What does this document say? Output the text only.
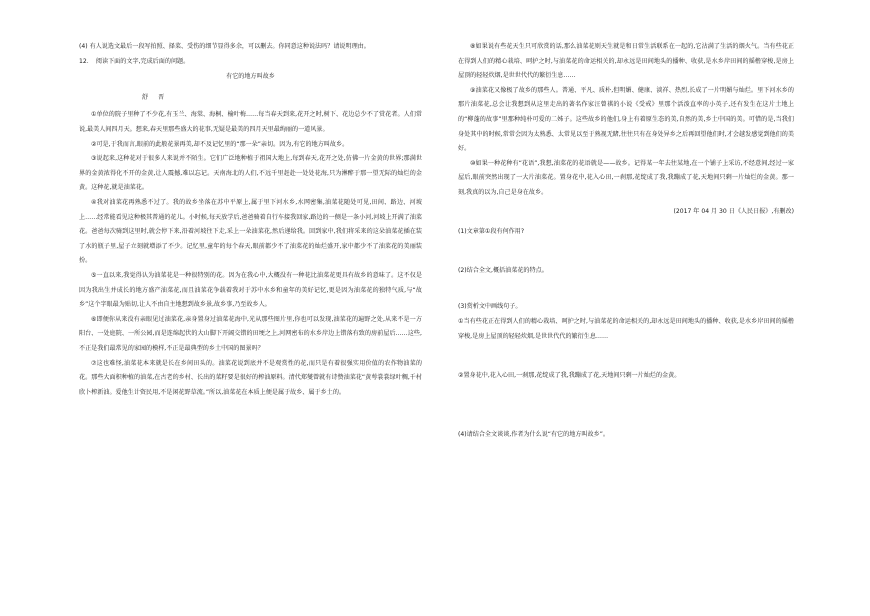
(4) 有人说选文最后一段写拍照、择菜、受伤的细节显得多余，可以删去。你同意这种说法吗？请说明理由。

12．　阅读下面的文字,完成后面的问题。

有它的地方叫故乡

舒　晋

①单位的院子里种了不少花,有玉兰、海棠、海桐、榆叶梅……每当春天到来,花开之时,树下、花边总少不了赏花者。人们常说,最美人间四月天。想来,春天里那些盛大的花事,无疑是最美的四月天里最绚丽的一道风景。

②可是,于我而言,眼前的此般花景再美,却不及记忆里的“那一朵”亲切。因为,有它的地方叫故乡。

③说起来,这种花对于很多人来说并不陌生。它们广泛地种植于祖国大地上,每到春天,花开之处,仿佛一片金黄的世界;那满世界的金黄浓得化不开的金黄,让人震撼,难以忘记。天南海北的人们,不远千里赶赴一处处花海,只为淋醉于那一望无际的灿烂的金黄。这种花,就是油菜花。

④我对油菜花再熟悉不过了。我的故乡坐落在苏中平原上,属于里下河水乡,水网密集,油菜花随处可见,田间、路边、河坡上……经常能看见这种极其普通的花儿。小时候,每天放学后,爸爸骑着自行车接我回家,路边的一侧是一条小河,河坡上开满了油菜花。爸爸每次骑到这里时,就会停下来,沿着河坡往下走,采上一朵油菜花,然后递给我。回到家中,我们将采来的这朵油菜花插在装了水的瓶子里,屋子立刻就增添了不少。记忆里,童年的每个春天,眼前都少不了油菜花的灿烂盛开,家中都少不了油菜花的美丽装扮。

⑤一直以来,我觉得认为油菜花是一种很特别的花。因为在我心中,大概没有一种花比油菜花更具有故乡的意味了。这不仅是因为我出生并成长的地方盛产油菜花,而且油菜花争载着我对于苏中水乡和童年的美好记忆,更是因为油菜花的独特气质,与“故乡”这个字眼最为贴切,让人不由自主地想到故乡景,故乡事,乃至故乡人。

⑥即便你从来没有亲眼见过油菜花,亲身置身过油菜花海中,光从那些图片里,你也可以发现,油菜花的遍野之处,从来不是一方阳台、一处庭院、一所公园,而是连绵起伏的大山脚下开阔交错的田埂之上,河网密布的水乡岸边上错落有致的房前屋后……这些,不正是我们最常见的家园的模样,不正是最典型的乡土中国的图景吗？

⑦这也难怪,油菜花本来就是长在乡间田头的。油菜花说到底并不是观赏性的花,而只是有着很强实用价值的农作物油菜的花。那些大面积种植的油菜,在古老的乡村、长出的菜籽要是很好的榨油原料。清代郑燮曾就有诗赞油菜花“黄萼裳裳绿叶稠,千村欣卜榨新油。爱他生计资民用,不是闲花野草流。”所以,油菜花在本质上便是属于故乡、属于乡土的。

⑧如果说有些花天生只可欣赏的话,那么油菜花则天生就是和日常生活联系在一起的,它沾满了生活的烟火气。当有些花正在得到人们的精心栽培、呵护之时,与油菜花的命运相关的,却永远是田间地头的播种、收获,是水乡岸田间的摇橹穿梭,是房上屋顶的轻轻炊烟,是世世代代的繁衍生息……

⑨油菜花又像极了故乡的那些人。普通、平凡、质朴,但明媚、健康、淡祥、热烈,长成了一片明媚与灿烂。里下河水乡的那片油菜花,总会让我想到从这里走出的著名作家汪曾祺的小说《受戒》里那个活泼直率的小英子,还有发生在这片土地上的“柳蓬的故事”里那种纯朴可爱的二姊子。这些故乡的他们,身上有着原生态的美,自然的美,乡土中国的美。可惜的是,当我们身处其中的时候,常常会因为太熟悉、太常见以至于熟视无睹,往往只有在身处异乡之后再回望他们时,才会越发感觉到他们的美好。

⑩如果一种花种有“花语”,我想,油菜花的花语就是——故乡。记得某一年去往某地,在一个铺子上采访,不经意间,经过一家屋后,眼前突然出现了一大片油菜花。置身花中,花入心田,一刹那,花绽成了我,我蹦成了花,天地间只剩一片灿烂的金黄。那一刻,我真的以为,自己是身在故乡。

(2017 年 04 月 30 日《人民日报》,有删改)

(1)文章第①段有何作用?

(2)结合全文,概括油菜花的特点。

(3)赏析文中画线句子。

①当有些花正在得到人们的精心栽培、呵护之时,与油菜花的命运相关的,却永远是田间地头的播种、收获,是水乡岸田间的摇橹穿梭,是房上屋顶的轻轻炊烟,是世世代代的繁衍生息……

②置身花中,花入心田,一刹那,花绽成了我,我蹦成了花,天地间只剩一片灿烂的金黄。

(4)请结合全文谈谈,作者为什么说“有它的地方叫故乡”。
